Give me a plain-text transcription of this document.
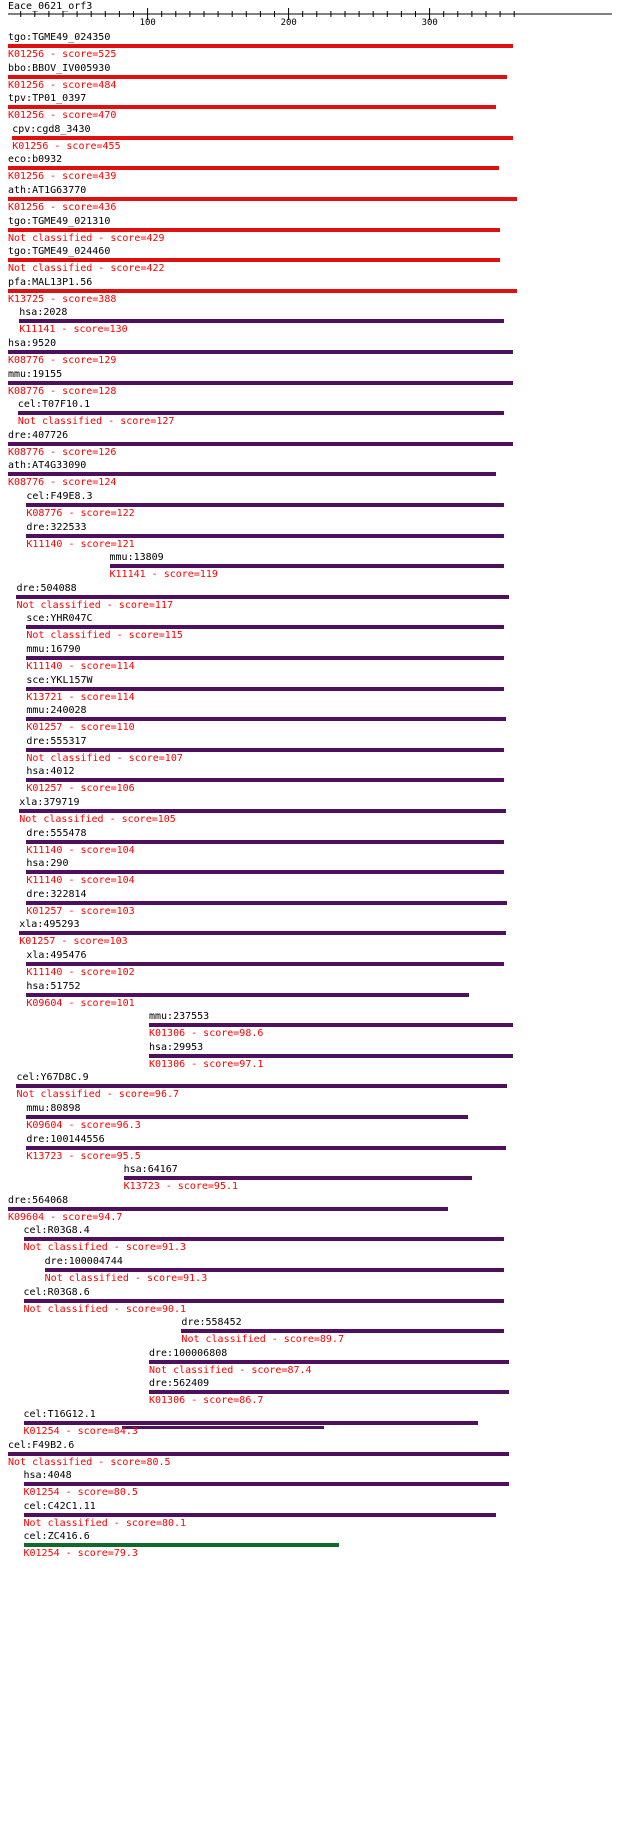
Eace_0621_orf3
100	200	300
tgo:TGME49_024350
K01256 - score=525
bbo:BBOV_IV005930
K01256 - score=484
tpv:TP01_0397
K01256 - score=470
cpv:cgd8_3430
K01256 - score=455
eco:b0932
K01256 - score=439
ath:AT1G63770
K01256 - score=436
tgo:TGME49_021310
Not classified - score=429
tgo:TGME49_024460
Not classified - score=422
pfa:MAL13P1.56
K13725 - score=388
hsa:2028
K11141 - score=130
hsa:9520
K08776 - score=129
mmu:19155
K08776 - score=128
cel:T07F10.1
Not classified - score=127
dre:407726
K08776 - score=126
ath:AT4G33090
K08776 - score=124
cel:F49E8.3
K08776 - score=122
dre:322533
K11140 - score=121
mmu:13809
K11141 - score=119
dre:504088
Not classified - score=117
sce:YHR047C
Not classified - score=115
mmu:16790
K11140 - score=114
sce:YKL157W
K13721 - score=114
mmu:240028
K01257 - score=110
dre:555317
Not classified - score=107
hsa:4012
K01257 - score=106
xla:379719
Not classified - score=105
dre:555478
K11140 - score=104
hsa:290
K11140 - score=104
dre:322814
K01257 - score=103
xla:495293
K01257 - score=103
xla:495476
K11140 - score=102
hsa:51752
K09604 - score=101
mmu:237553
K01306 - score=98.6
hsa:29953
K01306 - score=97.1
cel:Y67D8C.9
Not classified - score=96.7
mmu:80898
K09604 - score=96.3
dre:100144556
K13723 - score=95.5
hsa:64167
K13723 - score=95.1
dre:564068
K09604 - score=94.7
cel:R03G8.4
Not classified - score=91.3
dre:100004744
Not classified - score=91.3
cel:R03G8.6
Not classified - score=90.1
dre:558452
Not classified - score=89.7
dre:100006808
Not classified - score=87.4
dre:562409
K01306 - score=86.7
cel:T16G12.1
K01254 - score=84.3
cel:F49B2.6
Not classified - score=80.5
hsa:4048
K01254 - score=80.5
cel:C42C1.11
Not classified - score=80.1
cel:ZC416.6
K01254 - score=79.3
